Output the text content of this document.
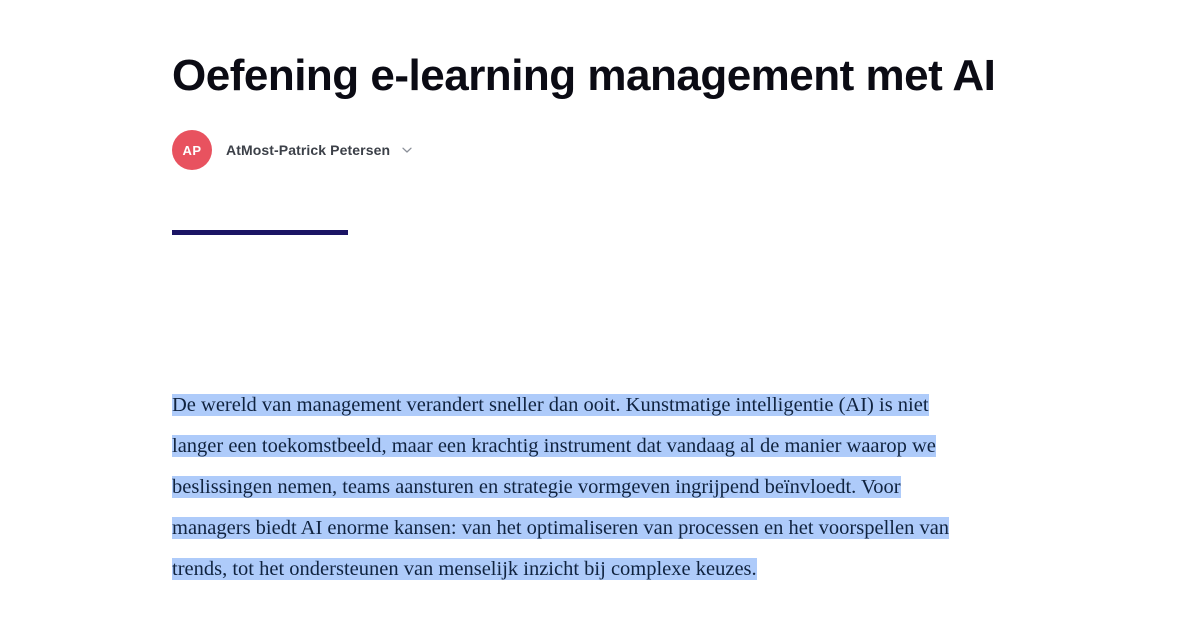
Oefening e-learning management met AI
AP	AtMost-Patrick Petersen
De wereld van management verandert sneller dan ooit. Kunstmatige intelligentie (AI) is niet langer een toekomstbeeld, maar een krachtig instrument dat vandaag al de manier waarop we beslissingen nemen, teams aansturen en strategie vormgeven ingrijpend beïnvloedt. Voor managers biedt AI enorme kansen: van het optimaliseren van processen en het voorspellen van trends, tot het ondersteunen van menselijk inzicht bij complexe keuzes.
